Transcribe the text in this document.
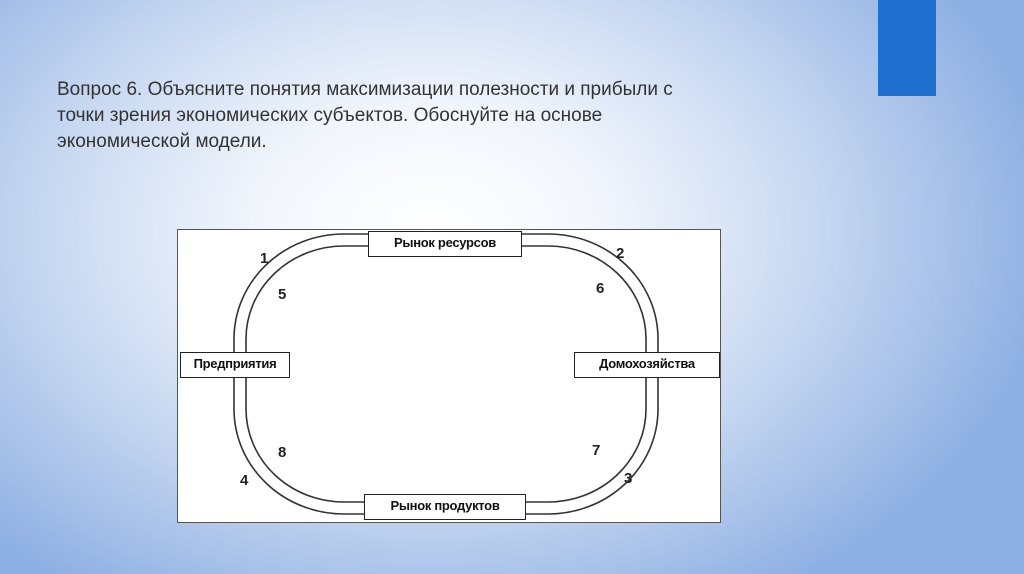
Вопрос 6. Объясните понятия максимизации полезности и прибыли с
точки зрения экономических субъектов. Обоснуйте на основе
экономической модели.
Рынок ресурсов
Предприятия	Домохозяйства
Рынок продуктов
1	2
3
4
5	6
7
8
